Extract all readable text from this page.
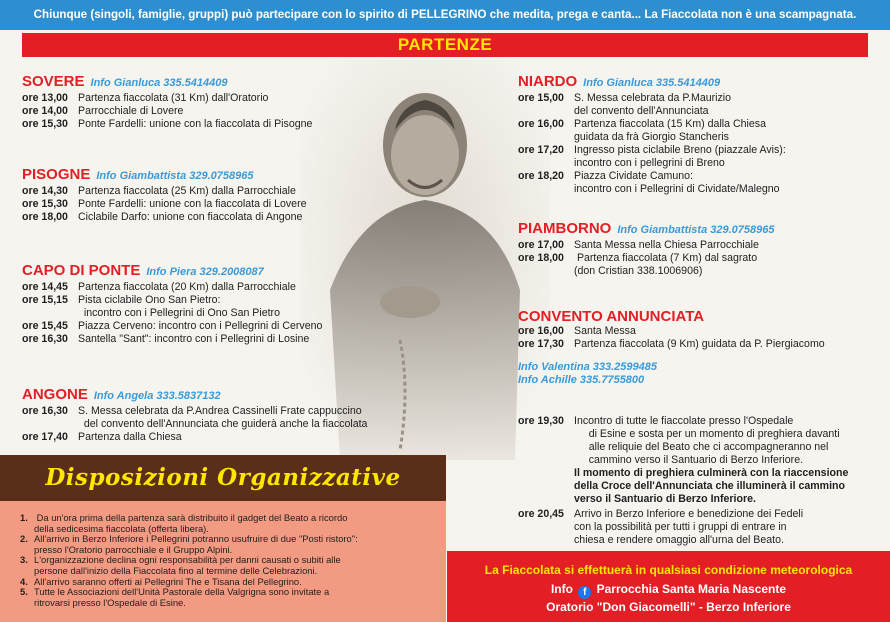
Chiunque (singoli, famiglie, gruppi) può partecipare con lo spirito di PELLEGRINO che medita, prega e canta... La Fiaccolata non è una scampagnata.
PARTENZE
SOVERE Info Gianluca 335.5414409
ore 13,00 Partenza fiaccolata (31 Km) dall'Oratorio
ore 14,00 Parrocchiale di Lovere
ore 15,30 Ponte Fardelli: unione con la fiaccolata di Pisogne
PISOGNE Info Giambattista 329.0758965
ore 14,30 Partenza fiaccolata (25 Km) dalla Parrocchiale
ore 15,30 Ponte Fardelli: unione con la fiaccolata di Lovere
ore 18,00 Ciclabile Darfo: unione con fiaccolata di Angone
CAPO DI PONTE Info Piera 329.2008087
ore 14,45 Partenza fiaccolata (20 Km) dalla Parrocchiale
ore 15,15 Pista ciclabile Ono San Pietro:
incontro con i Pellegrini di Ono San Pietro
ore 15,45 Piazza Cerveno: incontro con i Pellegrini di Cerveno
ore 16,30 Santella "Sant": incontro con i Pellegrini di Losine
ANGONE Info Angela 333.5837132
ore 16,30 S. Messa celebrata da P.Andrea Cassinelli Frate cappuccino
del convento dell'Annunciata che guiderà anche la fiaccolata
ore 17,40 Partenza dalla Chiesa
NIARDO Info Gianluca 335.5414409
ore 15,00 S. Messa celebrata da P.Maurizio
del convento dell'Annunciata
ore 16,00 Partenza fiaccolata (15 Km) dalla Chiesa
guidata da frà Giorgio Stancheris
ore 17,20 Ingresso pista ciclabile Breno (piazzale Avis):
incontro con i pellegrini di Breno
ore 18,20 Piazza Cividate Camuno:
incontro con i Pellegrini di Cividate/Malegno
PIAMBORNO Info Giambattista 329.0758965
ore 17,00 Santa Messa nella Chiesa Parrocchiale
ore 18,00	Partenza fiaccolata (7 Km) dal sagrato
(don Cristian 338.1006906)
CONVENTO ANNUNCIATA
ore 16,00 Santa Messa
ore 17,30 Partenza fiaccolata (9 Km) guidata da P. Piergiacomo
Info Valentina 333.2599485
Info Achille 335.7755800
ore 19,30 Incontro di tutte le fiaccolate presso l'Ospedale
di Esine e sosta per un momento di preghiera davanti
alle reliquie del Beato che ci accompagneranno nel
cammino verso il Santuario di Berzo Inferiore.
Il momento di preghiera culminerà con la riaccensione
della Croce dell'Annunciata che illuminerà il cammino
verso il Santuario di Berzo Inferiore.
ore 20,45 Arrivo in Berzo Inferiore e benedizione dei Fedeli
con la possibilità per tutti i gruppi di entrare in
chiesa e rendere omaggio all'urna del Beato.
Disposizioni Organizzative
1. Da un'ora prima della partenza sarà distribuito il gadget del Beato a ricordo
della sedicesima fiaccolata (offerta libera).
2. All'arrivo in Berzo Inferiore i Pellegrini potranno usufruire di due "Posti ristoro":
presso l'Oratorio parrocchiale e il Gruppo Alpini.
3. L'organizzazione declina ogni responsabilità per danni causati o subiti alle
persone dall'inizio della Fiaccolata fino al termine delle Celebrazioni.
4. All'arrivo saranno offerti ai Pellegrini The e Tisana del Pellegrino.
5. Tutte le Associazioni dell'Unità Pastorale della Valgrigna sono invitate a
ritrovarsi presso l'Ospedale di Esine.
La Fiaccolata si effettuerà in qualsiasi condizione meteorologica
Info f Parrocchia Santa Maria Nascente
Oratorio "Don Giacomelli" - Berzo Inferiore
